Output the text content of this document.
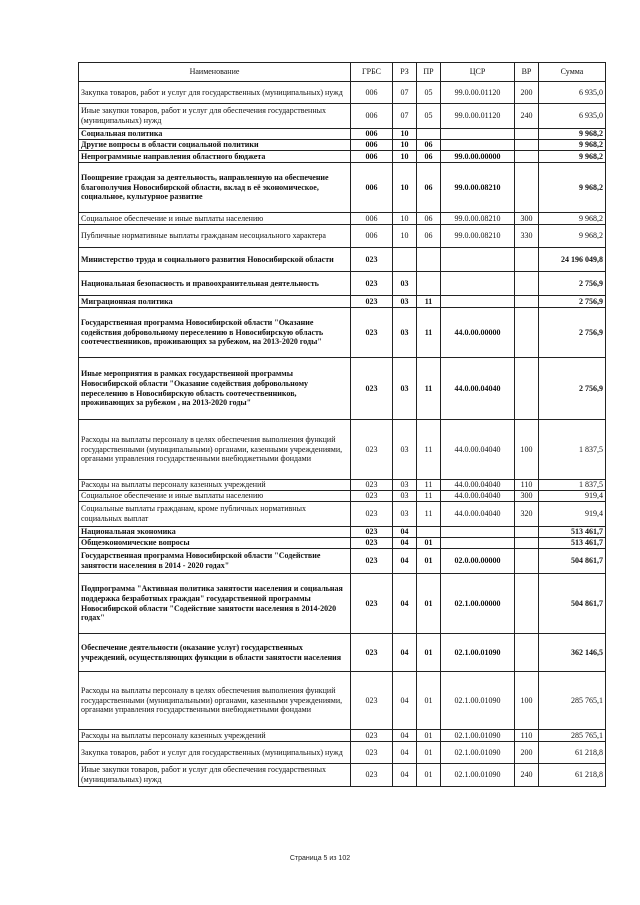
Наименование	ГРБС	РЗ	ПР	ЦСР	ВР	Сумма
Закупка товаров, работ и услуг для государственных (муниципальных) нужд	006	07	05	99.0.00.01120	200	6 935,0
Иные закупки товаров, работ и услуг для обеспечения государственных (муниципальных) нужд	006	07	05	99.0.00.01120	240	6 935,0
Социальная политика	006	10				9 968,2
Другие вопросы в области социальной политики	006	10	06			9 968,2
Непрограммные направления областного бюджета	006	10	06	99.0.00.00000		9 968,2
Поощрение граждан за деятельность, направленную на обеспечение благополучия Новосибирской области, вклад в её экономическое, социальное, культурное развитие	006	10	06	99.0.00.08210		9 968,2
Социальное обеспечение и иные выплаты населению	006	10	06	99.0.00.08210	300	9 968,2
Публичные нормативные выплаты гражданам несоциального характера	006	10	06	99.0.00.08210	330	9 968,2
Министерство труда и социального развития Новосибирской области	023					24 196 049,8
Национальная безопасность и правоохранительная деятельность	023	03				2 756,9
Миграционная политика	023	03	11			2 756,9
Государственная программа Новосибирской области "Оказание содействия добровольному переселению в Новосибирскую область соотечественников, проживающих за рубежом, на 2013-2020 годы"	023	03	11	44.0.00.00000		2 756,9
Иные мероприятия в рамках государственной программы Новосибирской области "Оказание содействия добровольному переселению в Новосибирскую область соотечественников, проживающих за рубежом , на 2013-2020 годы"	023	03	11	44.0.00.04040		2 756,9
Расходы на выплаты персоналу в целях обеспечения выполнения функций государственными (муниципальными) органами, казенными учреждениями, органами управления государственными внебюджетными фондами	023	03	11	44.0.00.04040	100	1 837,5
Расходы на выплаты персоналу казенных учреждений	023	03	11	44.0.00.04040	110	1 837,5
Социальное обеспечение и иные выплаты населению	023	03	11	44.0.00.04040	300	919,4
Социальные выплаты гражданам, кроме публичных нормативных социальных выплат	023	03	11	44.0.00.04040	320	919,4
Национальная экономика	023	04				513 461,7
Общеэкономические вопросы	023	04	01			513 461,7
Государственная программа Новосибирской области "Содействие занятости населения в 2014 - 2020 годах"	023	04	01	02.0.00.00000		504 861,7
Подпрограмма "Активная политика занятости населения и социальная поддержка безработных граждан" государственной программы Новосибирской области "Содействие занятости населения в 2014-2020 годах"	023	04	01	02.1.00.00000		504 861,7
Обеспечение деятельности (оказание услуг) государственных учреждений, осуществляющих функции в области занятости населения	023	04	01	02.1.00.01090		362 146,5
Расходы на выплаты персоналу в целях обеспечения выполнения функций государственными (муниципальными) органами, казенными учреждениями, органами управления государственными внебюджетными фондами	023	04	01	02.1.00.01090	100	285 765,1
Расходы на выплаты персоналу казенных учреждений	023	04	01	02.1.00.01090	110	285 765,1
Закупка товаров, работ и услуг для государственных (муниципальных) нужд	023	04	01	02.1.00.01090	200	61 218,8
Иные закупки товаров, работ и услуг для обеспечения государственных (муниципальных) нужд	023	04	01	02.1.00.01090	240	61 218,8
Страница 5 из 102
